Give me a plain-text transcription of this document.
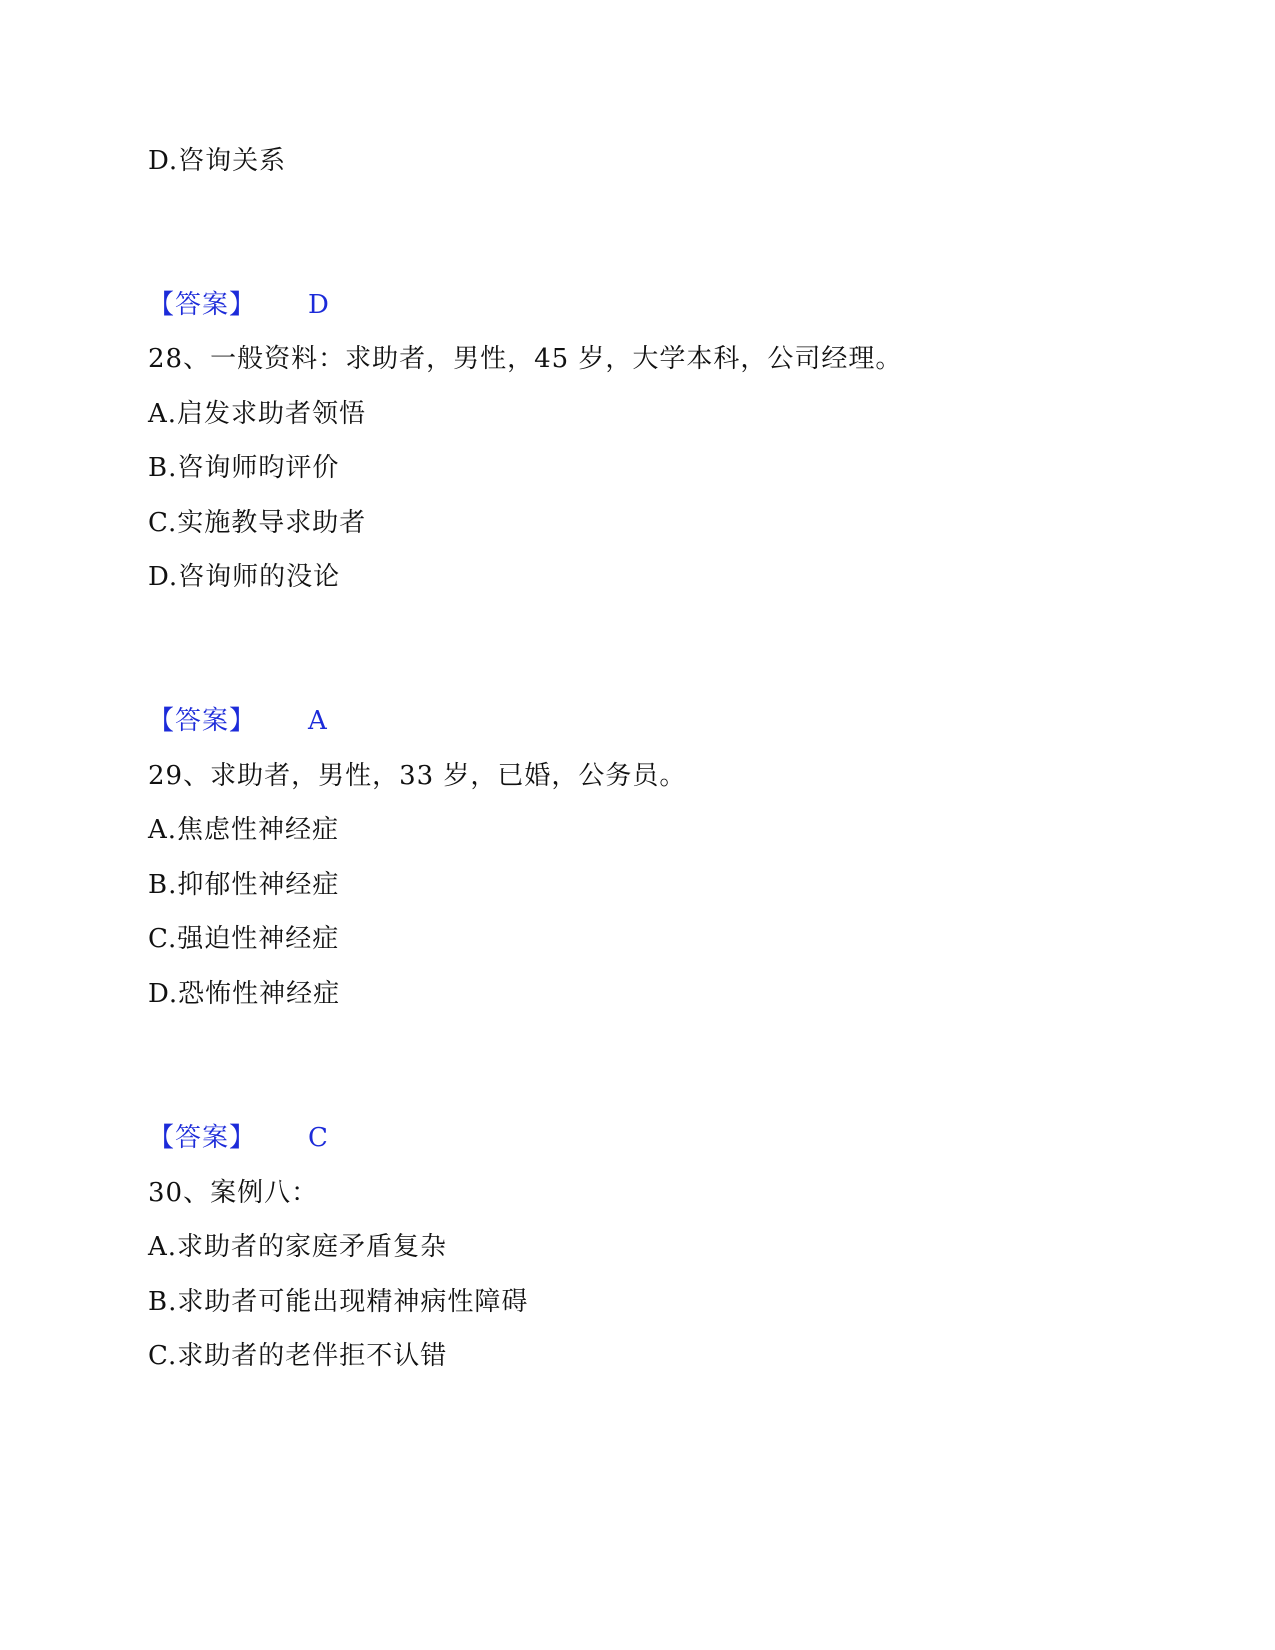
D.咨询关系
【答案】 D
28、一般资料：求助者，男性，45 岁，大学本科，公司经理。
A.启发求助者领悟
B.咨询师昀评价
C.实施教导求助者
D.咨询师的没论
【答案】 A
29、求助者，男性，33 岁，已婚，公务员。
A.焦虑性神经症
B.抑郁性神经症
C.强迫性神经症
D.恐怖性神经症
【答案】 C
30、案例八：
A.求助者的家庭矛盾复杂
B.求助者可能出现精神病性障碍
C.求助者的老伴拒不认错
